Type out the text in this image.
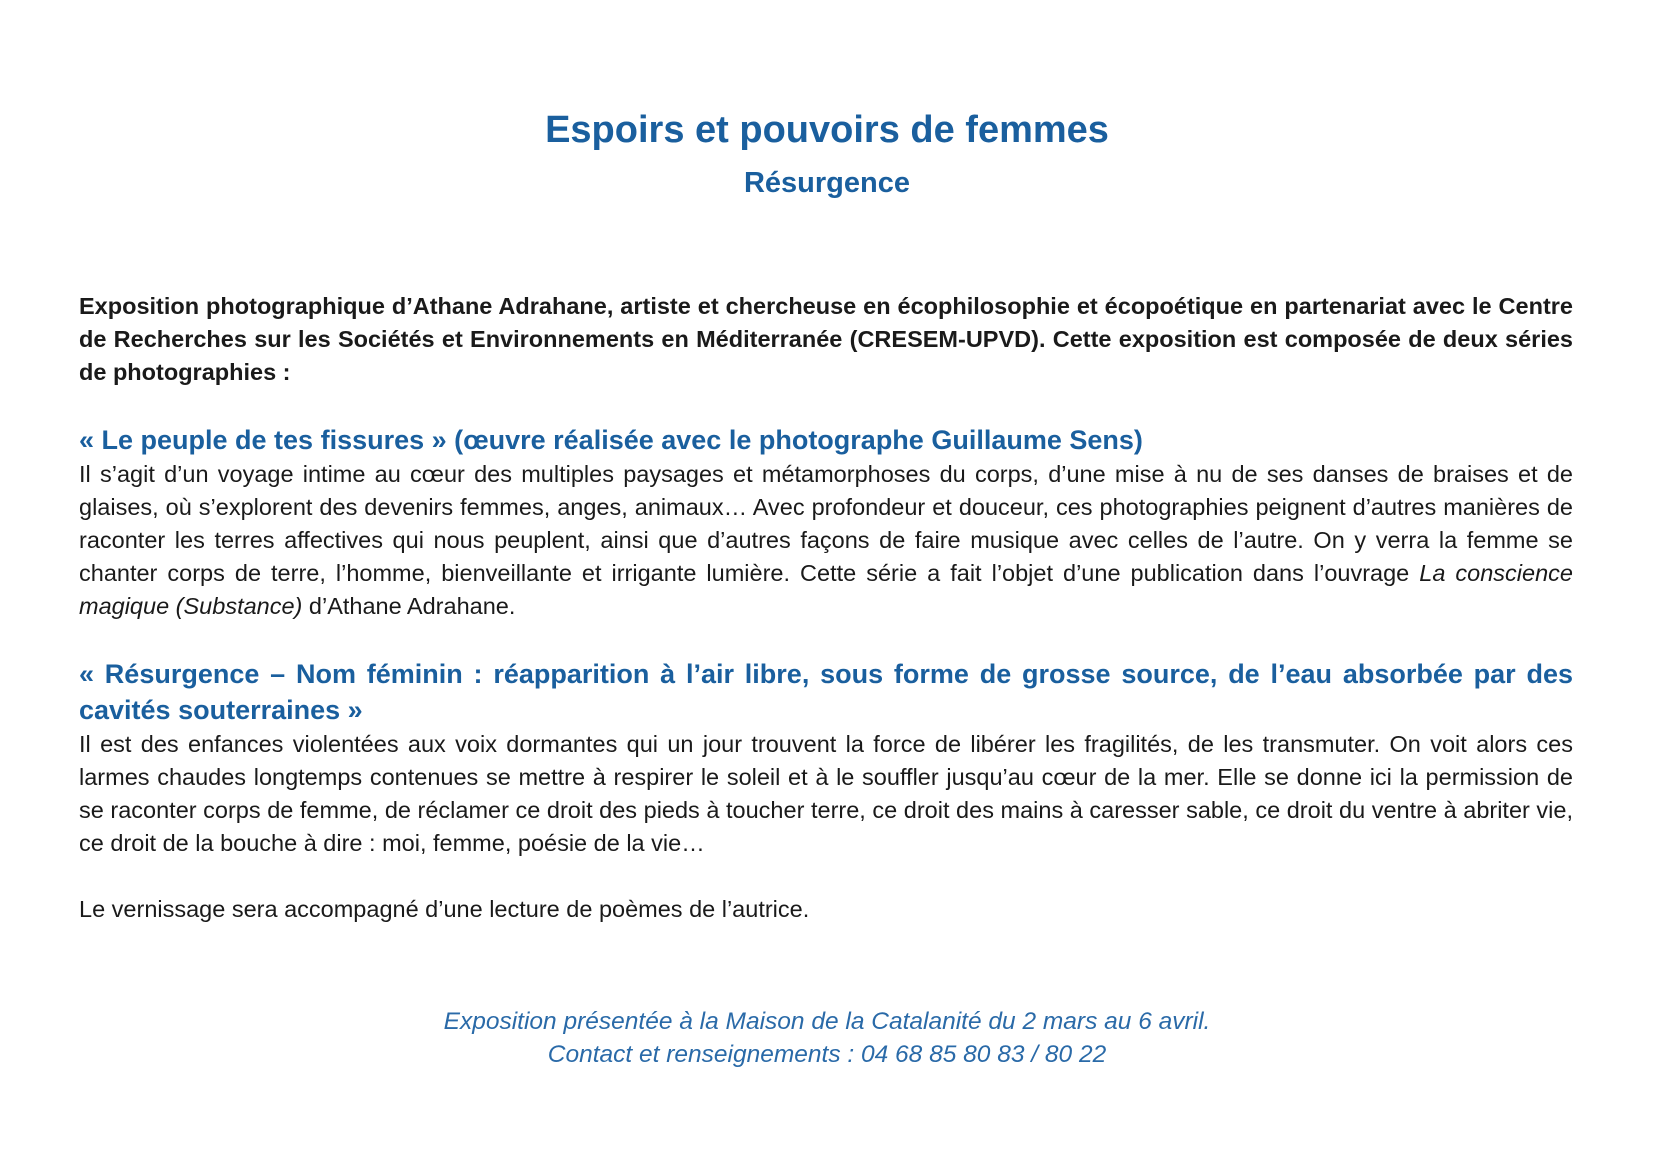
Espoirs et pouvoirs de femmes
Résurgence

Exposition photographique d’Athane Adrahane, artiste et chercheuse en écophilosophie et écopoétique en partenariat avec le Centre de Recherches sur les Sociétés et Environnements en Méditerranée (CRESEM-UPVD). Cette exposition est composée de deux séries de photographies :

« Le peuple de tes fissures » (œuvre réalisée avec le photographe Guillaume Sens)

Il s’agit d’un voyage intime au cœur des multiples paysages et métamorphoses du corps, d’une mise à nu de ses danses de braises et de glaises, où s’explorent des devenirs femmes, anges, animaux… Avec profondeur et douceur, ces photographies peignent d’autres manières de raconter les terres affectives qui nous peuplent, ainsi que d’autres façons de faire musique avec celles de l’autre. On y verra la femme se chanter corps de terre, l’homme, bienveillante et irrigante lumière. Cette série a fait l’objet d’une publication dans l’ouvrage La conscience magique (Substance) d’Athane Adrahane.

« Résurgence – Nom féminin : réapparition à l’air libre, sous forme de grosse source, de l’eau absorbée par des cavités souterraines »

Il est des enfances violentées aux voix dormantes qui un jour trouvent la force de libérer les fragilités, de les transmuter. On voit alors ces larmes chaudes longtemps contenues se mettre à respirer le soleil et à le souffler jusqu’au cœur de la mer. Elle se donne ici la permission de se raconter corps de femme, de réclamer ce droit des pieds à toucher terre, ce droit des mains à caresser sable, ce droit du ventre à abriter vie, ce droit de la bouche à dire : moi, femme, poésie de la vie…

Le vernissage sera accompagné d’une lecture de poèmes de l’autrice.

Exposition présentée à la Maison de la Catalanité du 2 mars au 6 avril.
Contact et renseignements : 04 68 85 80 83 / 80 22
